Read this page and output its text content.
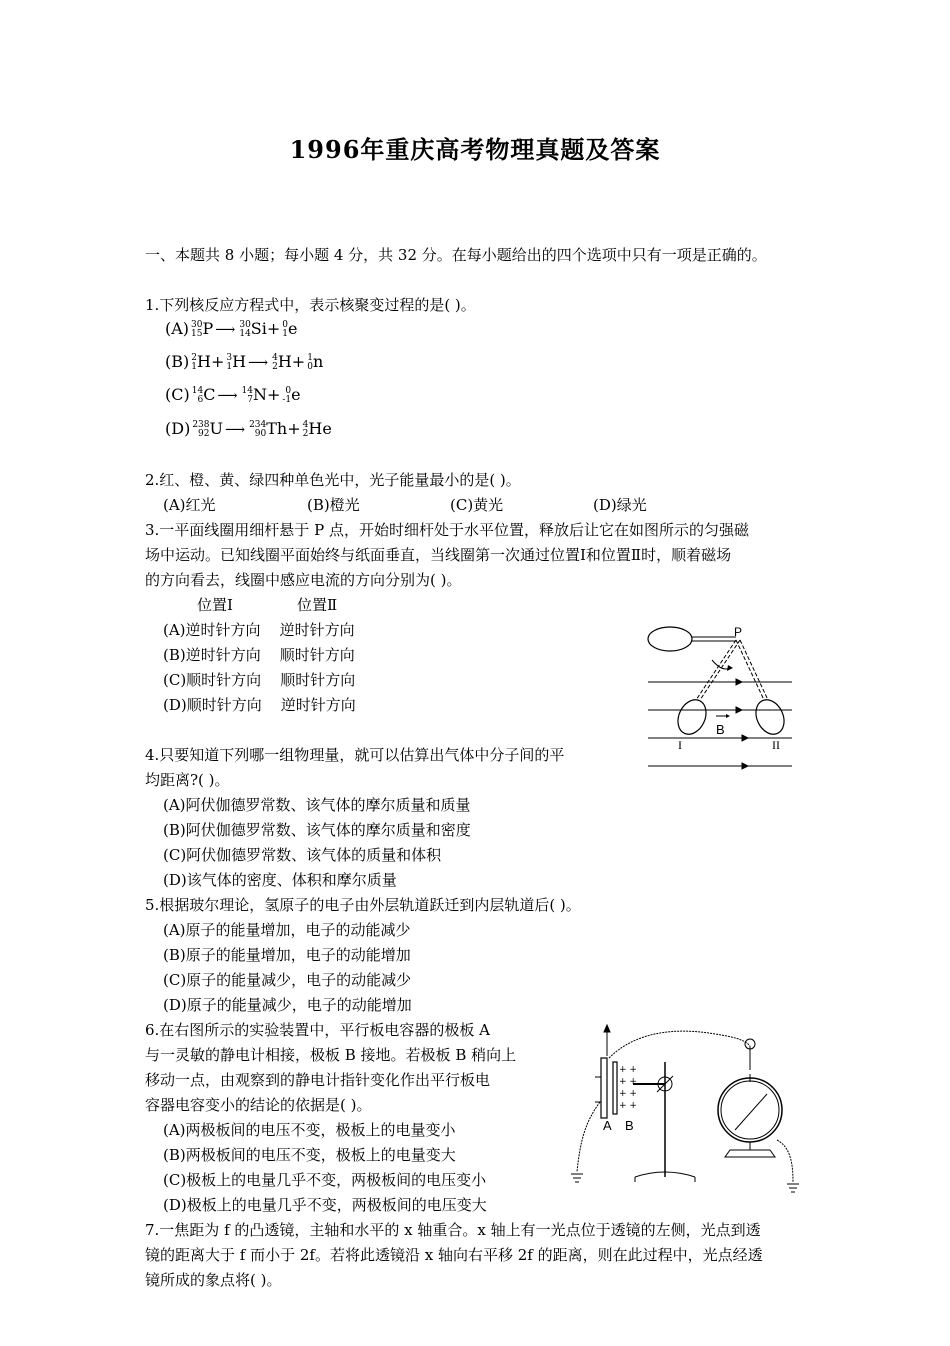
1996年重庆高考物理真题及答案
一、本题共 8 小题；每小题 4 分，共 32 分。在每小题给出的四个选项中只有一项是正确的。
1.下列核反应方程式中，表示核聚变过程的是( )。
(A) 30
15 P ⟶ 30
14 Si+ 0
1 e
(B) 2
1 H+ 3
1 H ⟶ 4
2 H+ 1
0 n
(C) 14
6 C ⟶ 14
7 N+ 0
-1 e
(D) 238
92 U ⟶ 234
90 Th+ 4
2 He
2.红、橙、黄、绿四种单色光中，光子能量最小的是( )。
(A)红光	(B)橙光	(C)黄光	(D)绿光
3.一平面线圈用细杆悬于 P 点，开始时细杆处于水平位置，释放后让它在如图所示的匀强磁
场中运动。已知线圈平面始终与纸面垂直，当线圈第一次通过位置Ⅰ和位置Ⅱ时，顺着磁场
的方向看去，线圈中感应电流的方向分别为( )。
位置Ⅰ	位置Ⅱ
(A)逆时针方向    逆时针方向
(B)逆时针方向    顺时针方向
(C)顺时针方向    顺时针方向
(D)顺时针方向    逆时针方向
B
P
I	II
4.只要知道下列哪一组物理量，就可以估算出气体中分子间的平
均距离?( )。
(A)阿伏伽德罗常数、该气体的摩尔质量和质量
(B)阿伏伽德罗常数、该气体的摩尔质量和密度
(C)阿伏伽德罗常数、该气体的质量和体积
(D)该气体的密度、体积和摩尔质量
5.根据玻尔理论，氢原子的电子由外层轨道跃迁到内层轨道后( )。
(A)原子的能量增加，电子的动能减少
(B)原子的能量增加，电子的动能增加
(C)原子的能量减少，电子的动能减少
(D)原子的能量减少，电子的动能增加
6.在右图所示的实验装置中，平行板电容器的极板 A
与一灵敏的静电计相接，极板 B 接地。若极板 B 稍向上
移动一点，由观察到的静电计指针变化作出平行板电
容器电容变小的结论的依据是( )。
(A)两极板间的电压不变，极板上的电量变小
(B)两极板间的电压不变，极板上的电量变大
(C)极板上的电量几乎不变，两极板间的电压变小
(D)极板上的电量几乎不变，两极板间的电压变大
+ +
+ +
+ +
+ +
A B
7.一焦距为 f 的凸透镜，主轴和水平的 x 轴重合。x 轴上有一光点位于透镜的左侧，光点到透
镜的距离大于 f 而小于 2f。若将此透镜沿 x 轴向右平移 2f 的距离，则在此过程中，光点经透
镜所成的象点将( )。
